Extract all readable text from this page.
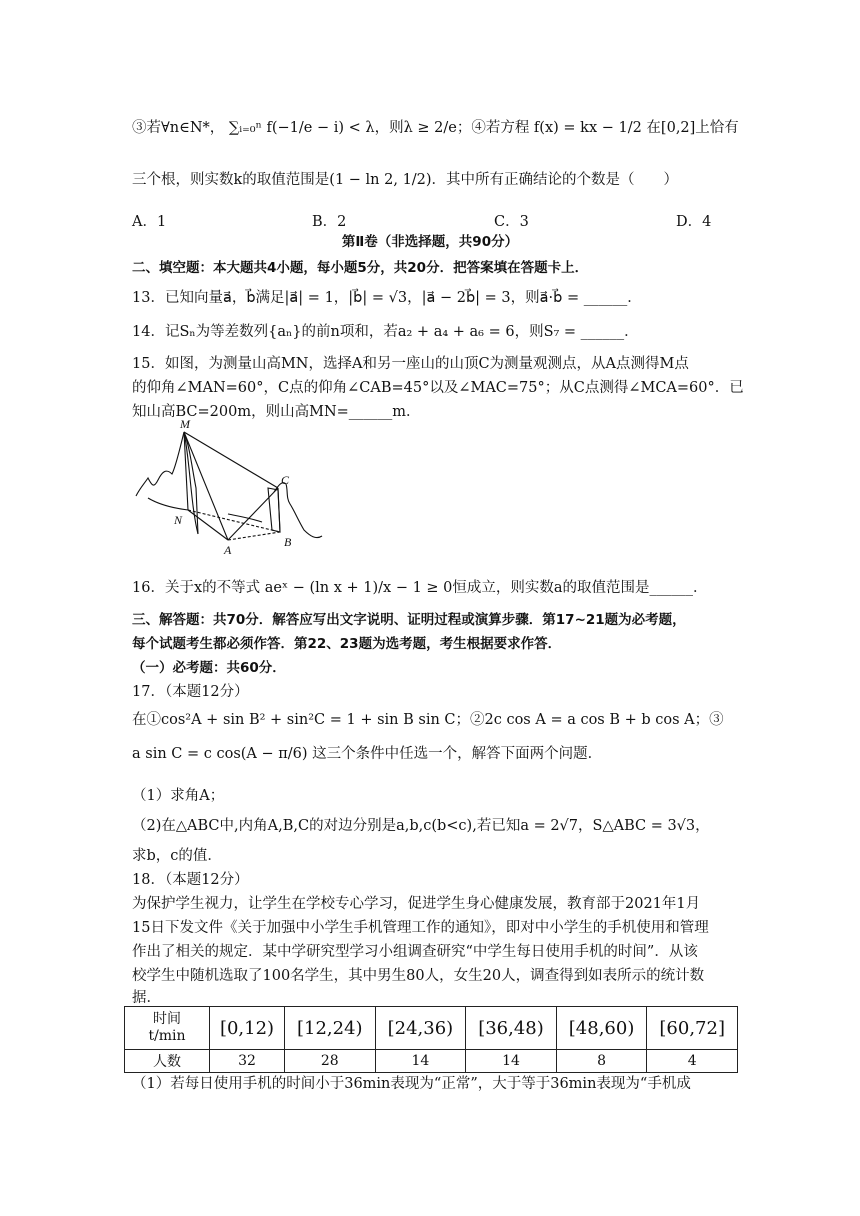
③若∀n∈N*， ∑ᵢ₌₀ⁿ f(−1/e − i) < λ，则λ ≥ 2/e；④若方程 f(x) = kx − 1/2 在[0,2]上恰有
三个根，则实数k的取值范围是(1 − ln 2, 1/2)．其中所有正确结论的个数是（　　）
A．1	B．2	C．3	D．4
第Ⅱ卷（非选择题，共90分）
二、填空题：本大题共4小题，每小题5分，共20分．把答案填在答题卡上．
13．已知向量a⃗，b⃗满足|a⃗| = 1，|b⃗| = √3，|a⃗ − 2b⃗| = 3，则a⃗·b⃗ = ______．
14．记Sₙ为等差数列{aₙ}的前n项和，若a₂ + a₄ + a₆ = 6，则S₇ = ______．
15．如图，为测量山高MN，选择A和另一座山的山顶C为测量观测点，从A点测得M点
的仰角∠MAN=60°，C点的仰角∠CAB=45°以及∠MAC=75°；从C点测得∠MCA=60°．已
知山高BC=200m，则山高MN=______m．
M
C
N
A
B
16．关于x的不等式 aeˣ − (ln x + 1)/x − 1 ≥ 0恒成立，则实数a的取值范围是______．
三、解答题：共70分．解答应写出文字说明、证明过程或演算步骤．第17~21题为必考题，
每个试题考生都必须作答．第22、23题为选考题，考生根据要求作答．
（一）必考题：共60分．
17．（本题12分）
在①cos²A + sin B² + sin²C = 1 + sin B sin C；②2c cos A = a cos B + b cos A；③
a sin C = c cos(A − π/6) 这三个条件中任选一个，解答下面两个问题．
（1）求角A；
（2)在△ABC中,内角A,B,C的对边分别是a,b,c(b<c),若已知a = 2√7，S△ABC = 3√3，
求b，c的值．
18．（本题12分）
为保护学生视力，让学生在学校专心学习，促进学生身心健康发展，教育部于2021年1月
15日下发文件《关于加强中小学生手机管理工作的通知》，即对中小学生的手机使用和管理
作出了相关的规定．某中学研究型学习小组调查研究“中学生每日使用手机的时间”．从该
校学生中随机选取了100名学生，其中男生80人，女生20人，调查得到如表所示的统计数
据．
时间
t/min	[0,12)	[12,24)	[24,36)	[36,48)	[48,60)	[60,72]
人数	32	28	14	14	8	4
（1）若每日使用手机的时间小于36min表现为“正常”，大于等于36min表现为“手机成
